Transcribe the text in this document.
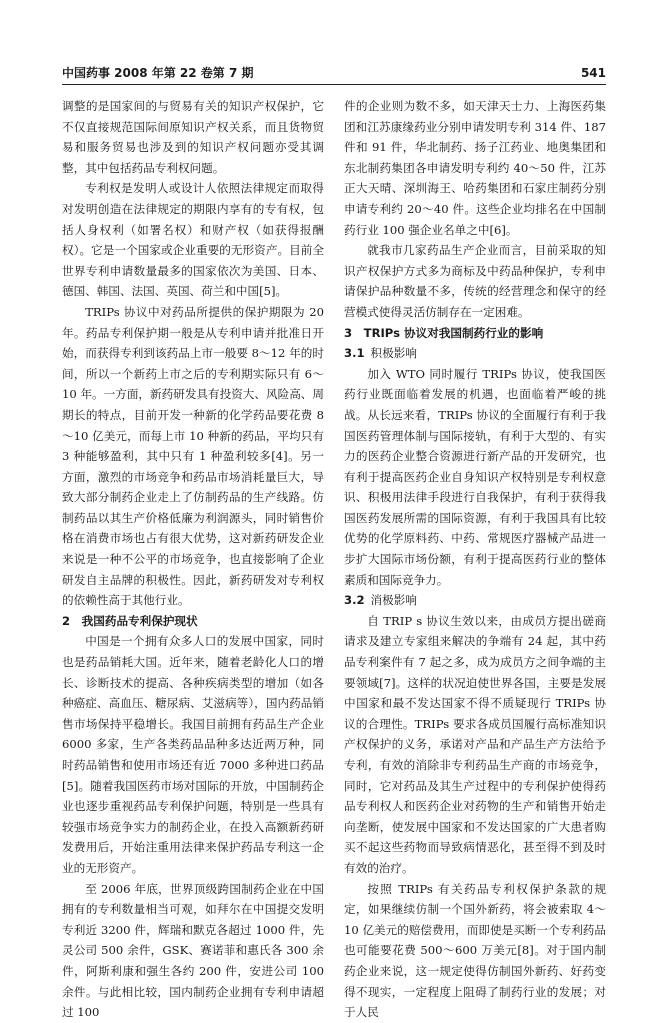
中国药事 2008 年第 22 卷第 7 期	541

调整的是国家间的与贸易有关的知识产权保护，它不仅直接规范国际间原知识产权关系，而且货物贸易和服务贸易也涉及到的知识产权问题亦受其调整，其中包括药品专利权问题。

专利权是发明人或设计人依照法律规定而取得对发明创造在法律规定的期限内享有的专有权，包括人身权利（如署名权）和财产权（如获得报酬权）。它是一个国家或企业重要的无形资产。目前全世界专利申请数量最多的国家依次为美国、日本、德国、韩国、法国、英国、荷兰和中国[5]。

TRIPs 协议中对药品所提供的保护期限为 20 年。药品专利保护期一般是从专利申请并批准日开始，而获得专利到该药品上市一般要 8～12 年的时间，所以一个新药上市之后的专利期实际只有 6～10 年。一方面，新药研发具有投资大、风险高、周期长的特点，目前开发一种新的化学药品要花费 8～10 亿美元，而每上市 10 种新的药品，平均只有 3 种能够盈利，其中只有 1 种盈利较多[4]。另一方面，激烈的市场竞争和药品市场消耗量巨大，导致大部分制药企业走上了仿制药品的生产线路。仿制药品以其生产价格低廉为利润源头，同时销售价格在消费市场也占有很大优势，这对新药研发企业来说是一种不公平的市场竞争，也直接影响了企业研发自主品牌的积极性。因此，新药研发对专利权的依赖性高于其他行业。

2　我国药品专利保护现状

中国是一个拥有众多人口的发展中国家，同时也是药品销耗大国。近年来，随着老龄化人口的增长、诊断技术的提高、各种疾病类型的增加（如各种癌症、高血压、糖尿病、艾滋病等），国内药品销售市场保持平稳增长。我国目前拥有药品生产企业 6000 多家，生产各类药品品种多达近两万种，同时药品销售和使用市场还有近 7000 多种进口药品[5]。随着我国医药市场对国际的开放，中国制药企业也逐步重视药品专利保护问题，特别是一些具有较强市场竞争实力的制药企业，在投入高额新药研发费用后，开始注重用法律来保护药品专利这一企业的无形资产。

至 2006 年底，世界顶级跨国制药企业在中国拥有的专利数量相当可观，如拜尔在中国提交发明专利近 3200 件，辉瑞和默克各超过 1000 件，先灵公司 500 余件，GSK、赛诺菲和惠氏各 300 余件，阿斯利康和强生各约 200 件，安进公司 100 余件。与此相比较，国内制药企业拥有专利申请超过 100

件的企业则为数不多，如天津天士力、上海医药集团和江苏康缘药业分别申请发明专利 314 件、187 件和 91 件，华北制药、扬子江药业、地奥集团和东北制药集团各申请发明专利约 40～50 件，江苏正大天晴、深圳海王、哈药集团和石家庄制药分别申请专利约 20～40 件。这些企业均排名在中国制药行业 100 强企业名单之中[6]。

就我市几家药品生产企业而言，目前采取的知识产权保护方式多为商标及中药品种保护，专利申请保护品种数量不多，传统的经营理念和保守的经营模式使得灵活仿制存在一定困难。

3　TRIPs 协议对我国制药行业的影响
3.1 积极影响

加入 WTO 同时履行 TRIPs 协议，使我国医药行业既面临着发展的机遇，也面临着严峻的挑战。从长远来看，TRIPs 协议的全面履行有利于我国医药管理体制与国际接轨，有利于大型的、有实力的医药企业整合资源进行新产品的开发研究，也有利于提高医药企业自身知识产权特别是专利权意识、积极用法律手段进行自我保护，有利于获得我国医药发展所需的国际资源，有利于我国具有比较优势的化学原料药、中药、常规医疗器械产品进一步扩大国际市场份额，有利于提高医药行业的整体素质和国际竞争力。

3.2 消极影响

自 TRIP s 协议生效以来，由成员方提出磋商请求及建立专家组来解决的争端有 24 起，其中药品专利案件有 7 起之多，成为成员方之间争端的主要领域[7]。这样的状况迫使世界各国，主要是发展中国家和最不发达国家不得不质疑现行 TRIPs 协议的合理性。TRIPs 要求各成员国履行高标准知识产权保护的义务，承诺对产品和产品生产方法给予专利，有效的消除非专利药品生产商的市场竞争，同时，它对药品及其生产过程中的专利保护使得药品专利权人和医药企业对药物的生产和销售开始走向垄断，使发展中国家和不发达国家的广大患者购买不起这些药物而导致病情恶化，甚至得不到及时有效的治疗。

按照 TRIPs 有关药品专利权保护条款的规定，如果继续仿制一个国外新药，将会被索取 4～10 亿美元的赔偿费用，而即使是买断一个专利药品也可能要花费 500～600 万美元[8]。对于国内制药企业来说，这一规定使得仿制国外新药、好药变得不现实，一定程度上阻碍了制药行业的发展；对于人民
